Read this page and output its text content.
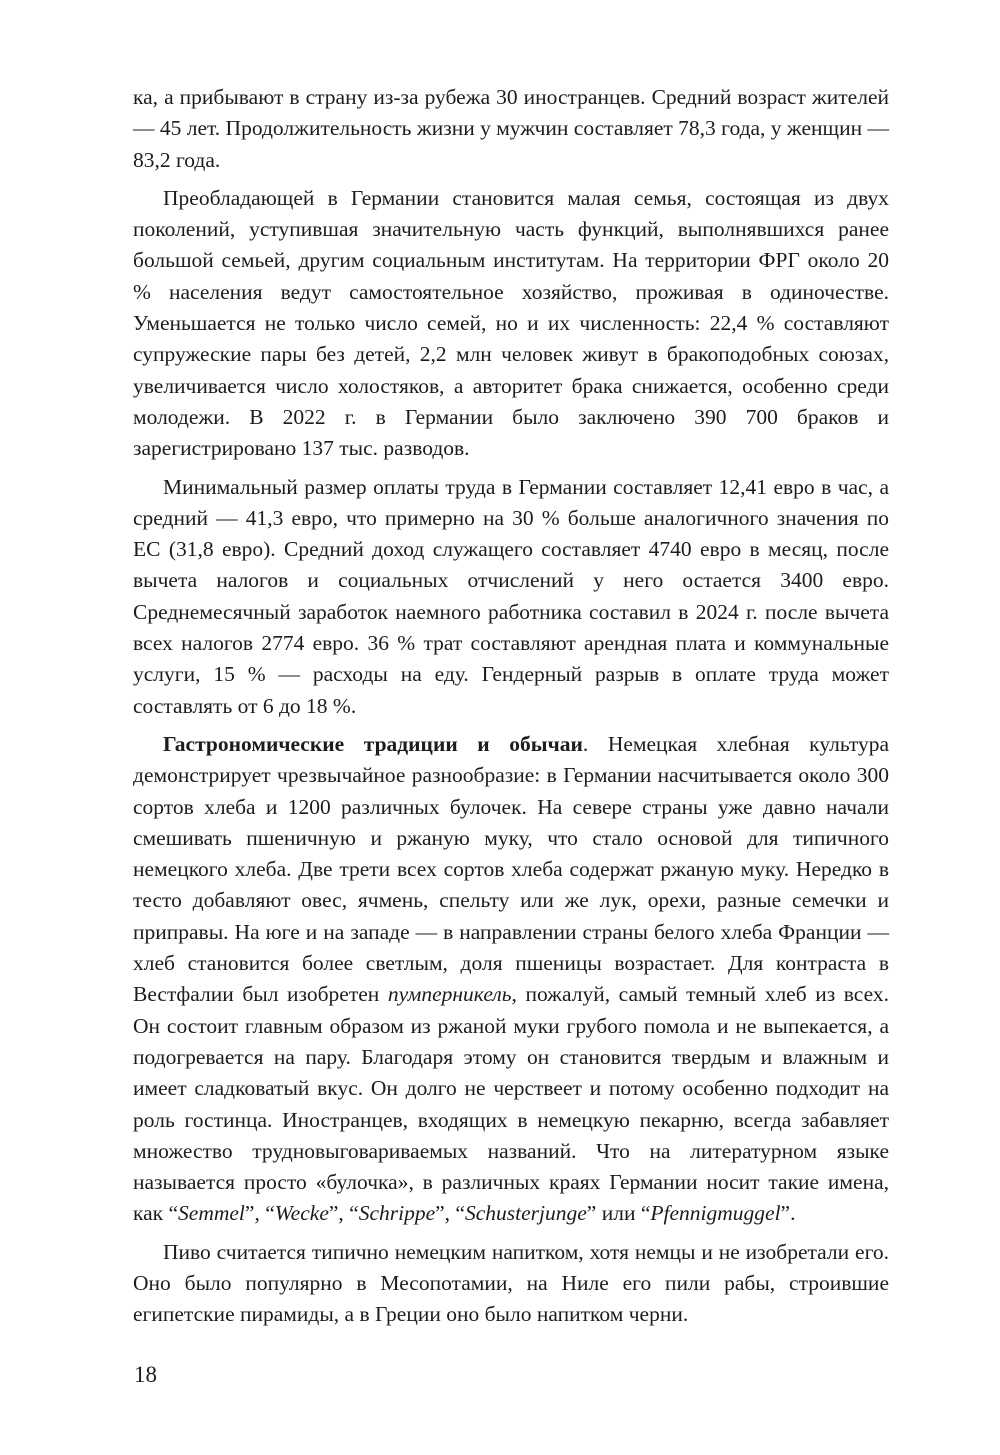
ка, а прибывают в страну из-за рубежа 30 иностранцев. Средний возраст жителей — 45 лет. Продолжительность жизни у мужчин составляет 78,3 года, у женщин — 83,2 года.

Преобладающей в Германии становится малая семья, состоящая из двух поколений, уступившая значительную часть функций, выполнявшихся ранее большой семьей, другим социальным институтам. На территории ФРГ около 20 % населения ведут самостоятельное хозяйство, проживая в одиночестве. Уменьшается не только число семей, но и их численность: 22,4 % составляют супружеские пары без детей, 2,2 млн человек живут в бракоподобных союзах, увеличивается число холостяков, а авторитет брака снижается, особенно среди молодежи. В 2022 г. в Германии было заключено 390 700 браков и зарегистрировано 137 тыс. разводов.

Минимальный размер оплаты труда в Германии составляет 12,41 евро в час, а средний — 41,3 евро, что примерно на 30 % больше аналогичного значения по ЕС (31,8 евро). Средний доход служащего составляет 4740 евро в месяц, после вычета налогов и социальных отчислений у него остается 3400 евро. Среднемесячный заработок наемного работника составил в 2024 г. после вычета всех налогов 2774 евро. 36 % трат составляют арендная плата и коммунальные услуги, 15 % — расходы на еду. Гендерный разрыв в оплате труда может составлять от 6 до 18 %.

Гастрономические традиции и обычаи. Немецкая хлебная культура демонстрирует чрезвычайное разнообразие: в Германии насчитывается около 300 сортов хлеба и 1200 различных булочек. На севере страны уже давно начали смешивать пшеничную и ржаную муку, что стало основой для типичного немецкого хлеба. Две трети всех сортов хлеба содержат ржаную муку. Нередко в тесто добавляют овес, ячмень, спельту или же лук, орехи, разные семечки и приправы. На юге и на западе — в направлении страны белого хлеба Франции — хлеб становится более светлым, доля пшеницы возрастает. Для контраста в Вестфалии был изобретен пумперникель, пожалуй, самый темный хлеб из всех. Он состоит главным образом из ржаной муки грубого помола и не выпекается, а подогревается на пару. Благодаря этому он становится твердым и влажным и имеет сладковатый вкус. Он долго не черствеет и потому особенно подходит на роль гостинца. Иностранцев, входящих в немецкую пекарню, всегда забавляет множество трудновыговариваемых названий. Что на литературном языке называется просто «булочка», в различных краях Германии носит такие имена, как “Semmel”, “Wecke”, “Schrippe”, “Schusterjunge” или “Pfennigmuggel”.

Пиво считается типично немецким напитком, хотя немцы и не изобретали его. Оно было популярно в Месопотамии, на Ниле его пили рабы, строившие египетские пирамиды, а в Греции оно было напитком черни.

18
